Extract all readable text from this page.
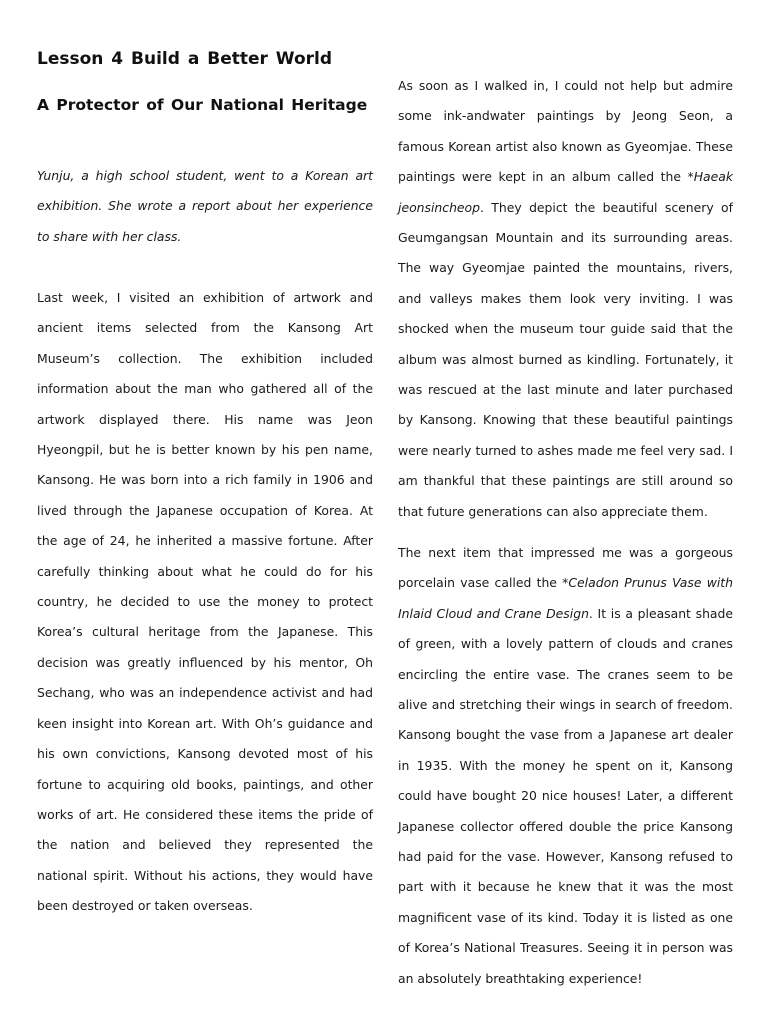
Lesson 4 Build a Better World
A Protector of Our National Heritage

Yunju, a high school student, went to a Korean art exhibition. She wrote a report about her experience to share with her class.

Last week, I visited an exhibition of artwork and ancient items selected from the Kansong Art Museum’s collection. The exhibition included information about the man who gathered all of the artwork displayed there. His name was Jeon Hyeongpil, but he is better known by his pen name, Kansong. He was born into a rich family in 1906 and lived through the Japanese occupation of Korea. At the age of 24, he inherited a massive fortune. After carefully thinking about what he could do for his country, he decided to use the money to protect Korea’s cultural heritage from the Japanese. This decision was greatly influenced by his mentor, Oh Sechang, who was an independence activist and had keen insight into Korean art. With Oh’s guidance and his own convictions, Kansong devoted most of his fortune to acquiring old books, paintings, and other works of art. He considered these items the pride of the nation and believed they represented the national spirit. Without his actions, they would have been destroyed or taken overseas.

As soon as I walked in, I could not help but admire some ink-andwater paintings by Jeong Seon, a famous Korean artist also known as Gyeomjae. These paintings were kept in an album called the *Haeak jeonsincheop. They depict the beautiful scenery of Geumgangsan Mountain and its surrounding areas. The way Gyeomjae painted the mountains, rivers, and valleys makes them look very inviting. I was shocked when the museum tour guide said that the album was almost burned as kindling. Fortunately, it was rescued at the last minute and later purchased by Kansong. Knowing that these beautiful paintings were nearly turned to ashes made me feel very sad. I am thankful that these paintings are still around so that future generations can also appreciate them.

The next item that impressed me was a gorgeous porcelain vase called the *Celadon Prunus Vase with Inlaid Cloud and Crane Design. It is a pleasant shade of green, with a lovely pattern of clouds and cranes encircling the entire vase. The cranes seem to be alive and stretching their wings in search of freedom. Kansong bought the vase from a Japanese art dealer in 1935. With the money he spent on it, Kansong could have bought 20 nice houses! Later, a different Japanese collector offered double the price Kansong had paid for the vase. However, Kansong refused to part with it because he knew that it was the most magnificent vase of its kind. Today it is listed as one of Korea’s National Treasures. Seeing it in person was an absolutely breathtaking experience!
